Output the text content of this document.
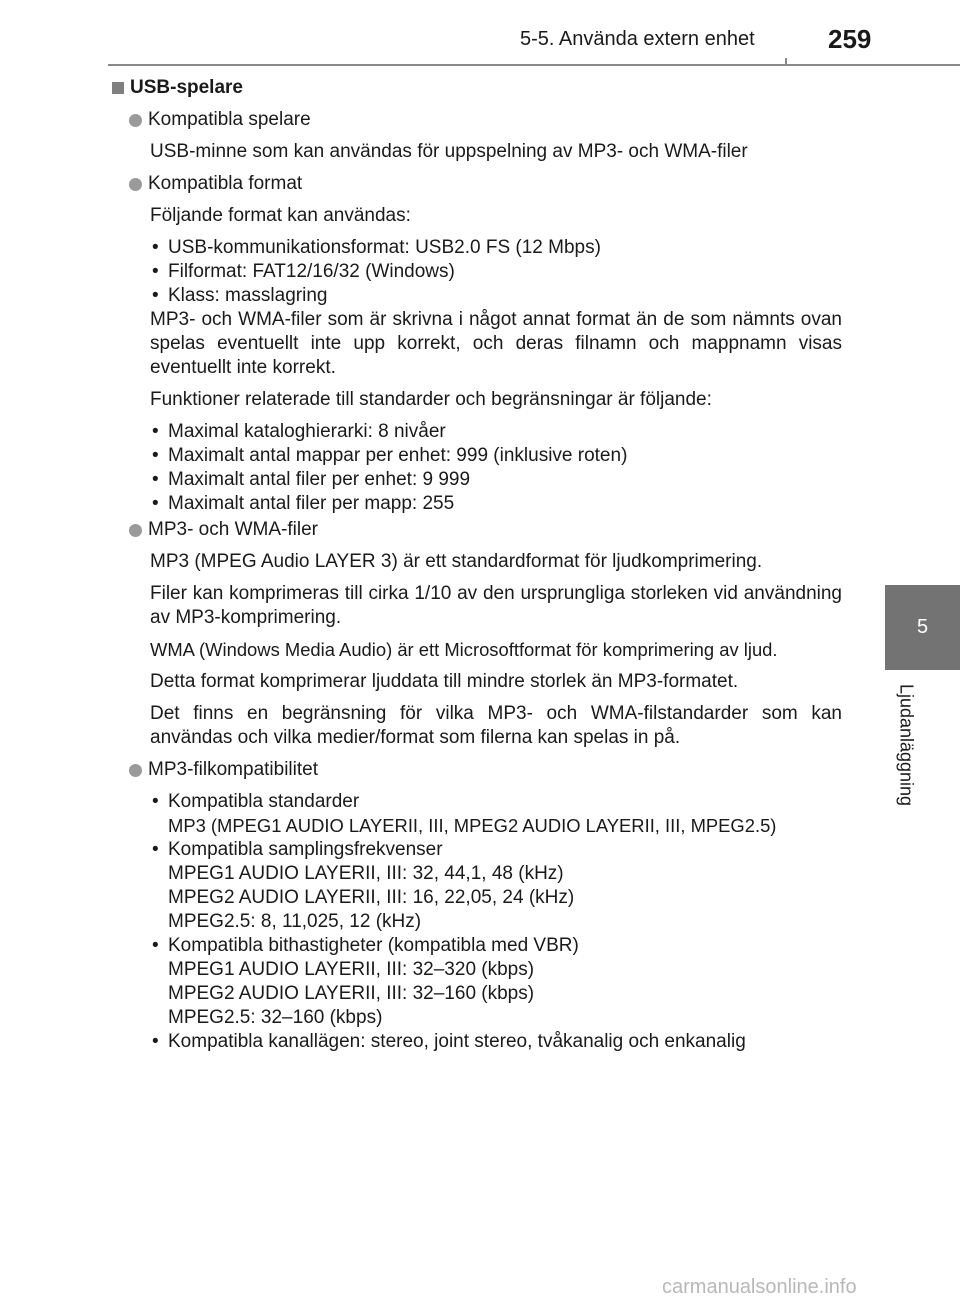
5-5. Använda extern enhet	259
5
Ljudanläggning
USB-spelare
Kompatibla spelare
USB-minne som kan användas för uppspelning av MP3- och WMA-filer
Kompatibla format
Följande format kan användas:
• USB-kommunikationsformat: USB2.0 FS (12 Mbps)
• Filformat: FAT12/16/32 (Windows)
• Klass: masslagring
MP3- och WMA-filer som är skrivna i något annat format än de som nämnts ovan spelas eventuellt inte upp korrekt, och deras filnamn och mappnamn visas eventuellt inte korrekt.
Funktioner relaterade till standarder och begränsningar är följande:
• Maximal kataloghierarki: 8 nivåer
• Maximalt antal mappar per enhet: 999 (inklusive roten)
• Maximalt antal filer per enhet: 9 999
• Maximalt antal filer per mapp: 255
MP3- och WMA-filer
MP3 (MPEG Audio LAYER 3) är ett standardformat för ljudkomprimering.
Filer kan komprimeras till cirka 1/10 av den ursprungliga storleken vid användning av MP3-komprimering.
WMA (Windows Media Audio) är ett Microsoftformat för komprimering av ljud.
Detta format komprimerar ljuddata till mindre storlek än MP3-formatet.
Det finns en begränsning för vilka MP3- och WMA-filstandarder som kan användas och vilka medier/format som filerna kan spelas in på.
MP3-filkompatibilitet
• Kompatibla standarder
MP3 (MPEG1 AUDIO LAYERII, III, MPEG2 AUDIO LAYERII, III, MPEG2.5)
• Kompatibla samplingsfrekvenser
MPEG1 AUDIO LAYERII, III: 32, 44,1, 48 (kHz)
MPEG2 AUDIO LAYERII, III: 16, 22,05, 24 (kHz)
MPEG2.5: 8, 11,025, 12 (kHz)
• Kompatibla bithastigheter (kompatibla med VBR)
MPEG1 AUDIO LAYERII, III: 32–320 (kbps)
MPEG2 AUDIO LAYERII, III: 32–160 (kbps)
MPEG2.5: 32–160 (kbps)
• Kompatibla kanallägen: stereo, joint stereo, tvåkanalig och enkanalig
carmanualsonline.info
